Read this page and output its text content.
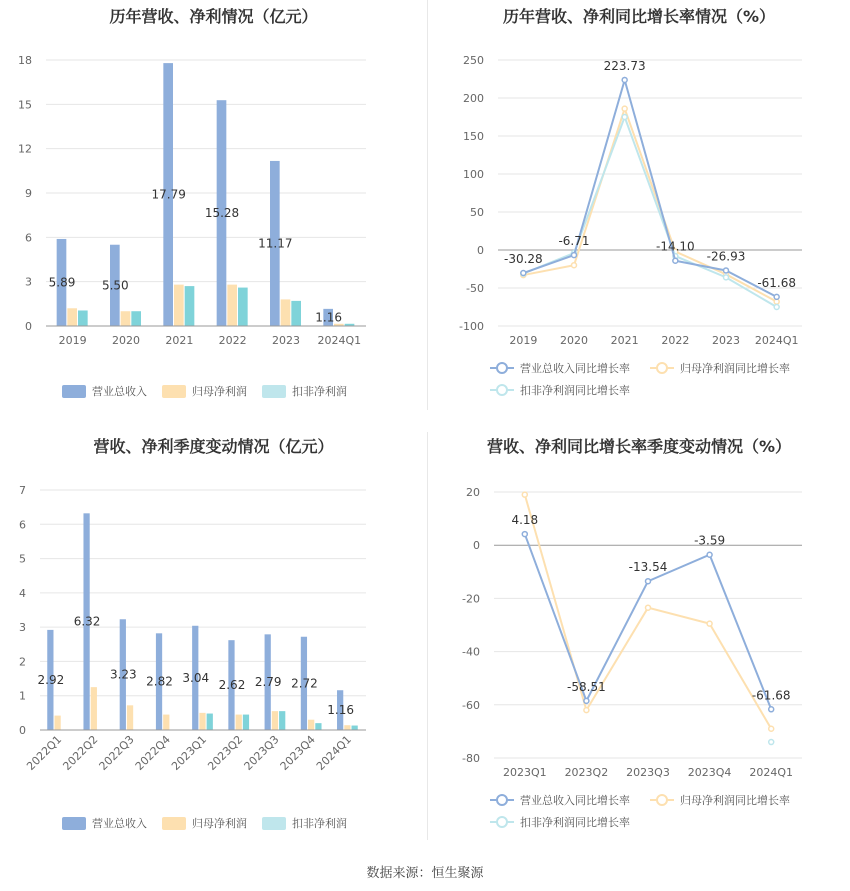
历年营收、净利情况（亿元）
0
3
6
9
12
15
18
5.89
2019
5.50
2020
17.79
2021
15.28
2022
11.17
2023
1.16
2024Q1
营业总收入	归母净利润	扣非净利润
历年营收、净利同比增长率情况（%）
-100
-50
0
50
100
150
200
250
2019 2020 2021 2022 2023 2024Q1
-30.28
-6.71
223.73
-14.10
-26.93
-61.68
营业总收入同比增长率	归母净利润同比增长率
扣非净利润同比增长率
营收、净利季度变动情况（亿元）
0
1
2
3
4
5
6
7
2.92
2022Q1
6.32
2022Q2
3.23
2022Q3
2.82
2022Q4
3.04
2023Q1
2.62
2023Q2
2.79
2023Q3
2.72
2023Q4
1.16
2024Q1
营业总收入	归母净利润	扣非净利润
营收、净利同比增长率季度变动情况（%）
-80
-60
-40
-20
0
20
2023Q1 2023Q2 2023Q3 2023Q4 2024Q1
4.18
-58.51
-13.54
-3.59
-61.68
营业总收入同比增长率	归母净利润同比增长率
扣非净利润同比增长率
数据来源：恒生聚源
